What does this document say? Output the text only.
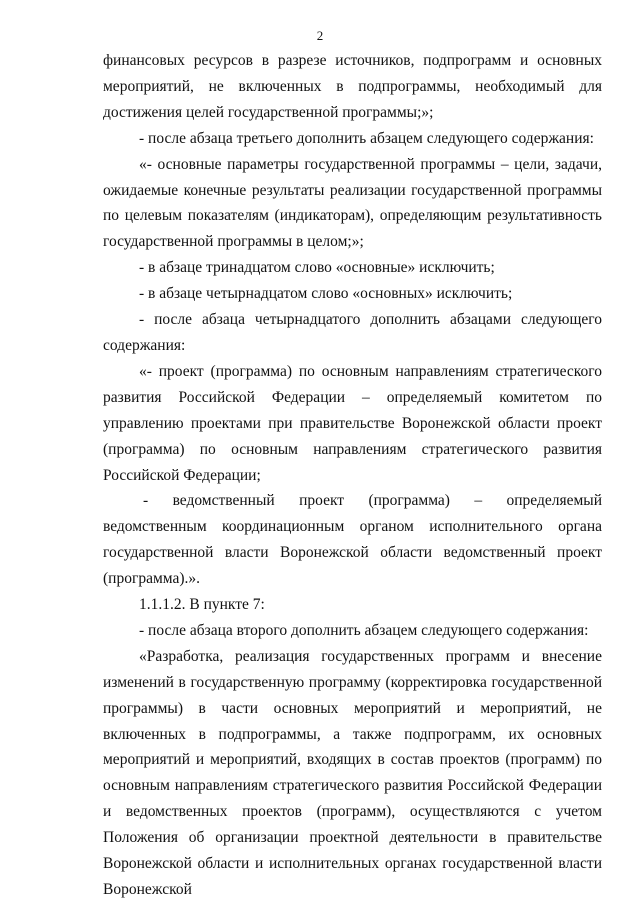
2

финансовых ресурсов в разрезе источников, подпрограмм и основных мероприятий, не включенных в подпрограммы, необходимый для достижения целей государственной программы;»;

- после абзаца третьего дополнить абзацем следующего содержания:

«- основные параметры государственной программы – цели, задачи, ожидаемые конечные результаты реализации государственной программы по целевым показателям (индикаторам), определяющим результативность государственной программы в целом;»;

- в абзаце тринадцатом слово «основные» исключить;

- в абзаце четырнадцатом слово «основных» исключить;

- после абзаца четырнадцатого дополнить абзацами следующего содержания:

«- проект (программа) по основным направлениям стратегического развития Российской Федерации – определяемый комитетом по управлению проектами при правительстве Воронежской области проект (программа) по основным направлениям стратегического развития Российской Федерации;

- ведомственный проект (программа) – определяемый ведомственным координационным органом исполнительного органа государственной власти Воронежской области ведомственный проект (программа).».

1.1.1.2. В пункте 7:

- после абзаца второго дополнить абзацем следующего содержания:

«Разработка, реализация государственных программ и внесение изменений в государственную программу (корректировка государственной программы) в части основных мероприятий и мероприятий, не включенных в подпрограммы, а также подпрограмм, их основных мероприятий и мероприятий, входящих в состав проектов (программ) по основным направлениям стратегического развития Российской Федерации и ведомственных проектов (программ), осуществляются с учетом Положения об организации проектной деятельности в правительстве Воронежской области и исполнительных органах государственной власти Воронежской
